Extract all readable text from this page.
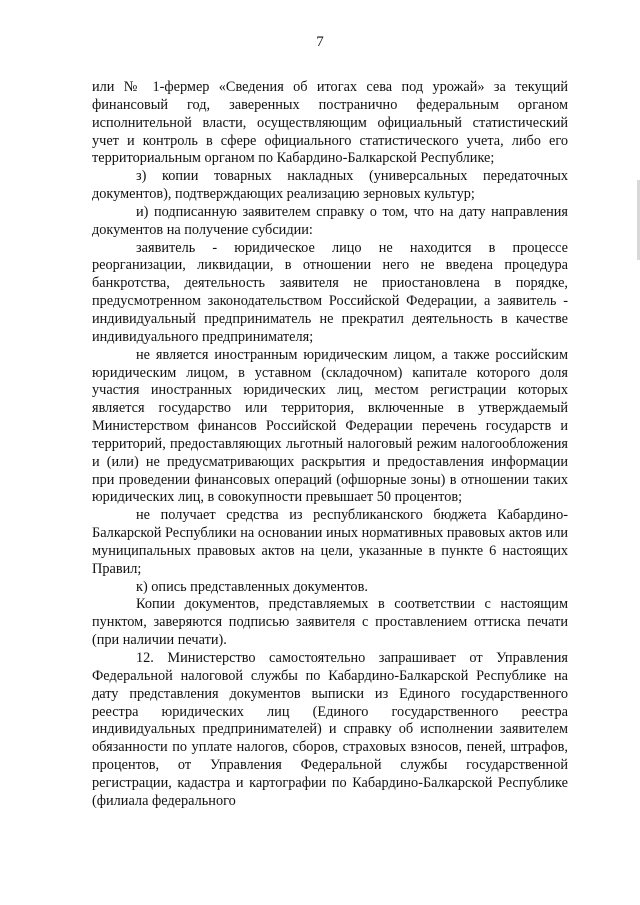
7

или № 1-фермер «Сведения об итогах сева под урожай» за текущий финансовый год, заверенных постранично федеральным органом исполнительной власти, осуществляющим официальный статистический учет и контроль в сфере официального статистического учета, либо его территориальным органом по Кабардино-Балкарской Республике;

з) копии товарных накладных (универсальных передаточных документов), подтверждающих реализацию зерновых культур;

и) подписанную заявителем справку о том, что на дату направления документов на получение субсидии:

заявитель - юридическое лицо не находится в процессе реорганизации, ликвидации, в отношении него не введена процедура банкротства, деятельность заявителя не приостановлена в порядке, предусмотренном законодательством Российской Федерации, а заявитель - индивидуальный предприниматель не прекратил деятельность в качестве индивидуального предпринимателя;

не является иностранным юридическим лицом, а также российским юридическим лицом, в уставном (складочном) капитале которого доля участия иностранных юридических лиц, местом регистрации которых является государство или территория, включенные в утверждаемый Министерством финансов Российской Федерации перечень государств и территорий, предоставляющих льготный налоговый режим налогообложения и (или) не предусматривающих раскрытия и предоставления информации при проведении финансовых операций (офшорные зоны) в отношении таких юридических лиц, в совокупности превышает 50 процентов;

не получает средства из республиканского бюджета Кабардино-Балкарской Республики на основании иных нормативных правовых актов или муниципальных правовых актов на цели, указанные в пункте 6 настоящих Правил;

к) опись представленных документов.

Копии документов, представляемых в соответствии с настоящим пунктом, заверяются подписью заявителя с проставлением оттиска печати (при наличии печати).

12. Министерство самостоятельно запрашивает от Управления Федеральной налоговой службы по Кабардино-Балкарской Республике на дату представления документов выписки из Единого государственного реестра юридических лиц (Единого государственного реестра индивидуальных предпринимателей) и справку об исполнении заявителем обязанности по уплате налогов, сборов, страховых взносов, пеней, штрафов, процентов, от Управления Федеральной службы государственной регистрации, кадастра и картографии по Кабардино-Балкарской Республике (филиала федерального
